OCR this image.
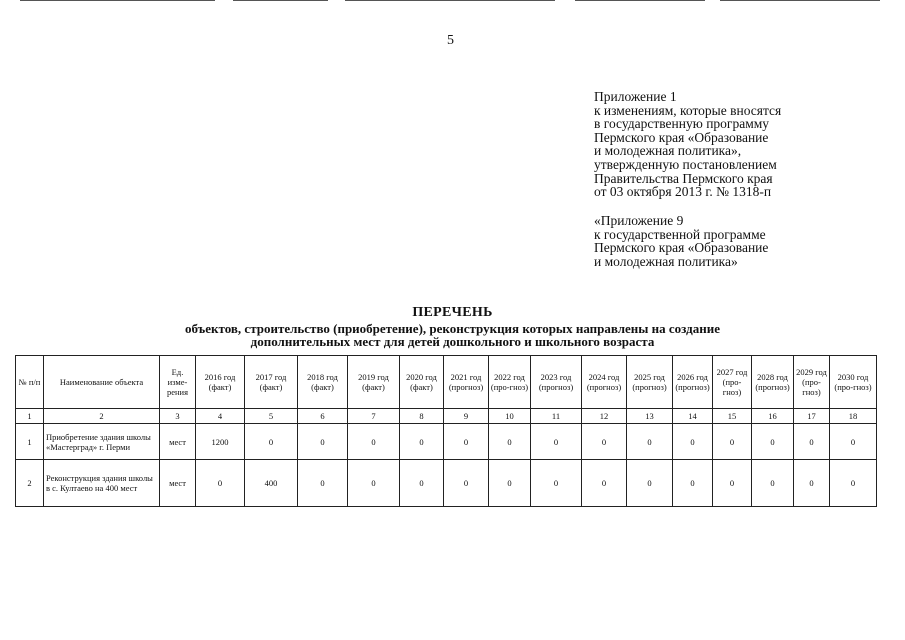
5
Приложение 1
к изменениям, которые вносятся
в государственную программу
Пермского края «Образование
и молодежная политика»,
утвержденную постановлением
Правительства Пермского края
от 03 октября 2013 г. № 1318-п
«Приложение 9
к государственной программе
Пермского края «Образование
и молодежная политика»
ПЕРЕЧЕНЬ
объектов, строительство (приобретение), реконструкция которых направлены на создание
дополнительных мест для детей дошкольного и школьного возраста
№ п/п	Наименование объекта	Ед. изме-рения	2016 год (факт)	2017 год (факт)	2018 год (факт)	2019 год (факт)	2020 год (факт)	2021 год (прогноз)	2022 год (про-гноз)	2023 год (прогноз)	2024 год (прогноз)	2025 год (прогноз)	2026 год (прогноз)	2027 год (про-гноз)	2028 год (прогноз)	2029 год (про-гноз)	2030 год (про-гноз)
1	2	3	4	5	6	7	8	9	10	11	12	13	14	15	16	17	18
1	Приобретение здания школы «Мастерград» г. Перми	мест	1200	0	0	0	0	0	0	0	0	0	0	0	0	0	0
2	Реконструкция здания школы в с. Култаево на 400 мест	мест	0	400	0	0	0	0	0	0	0	0	0	0	0	0	0
